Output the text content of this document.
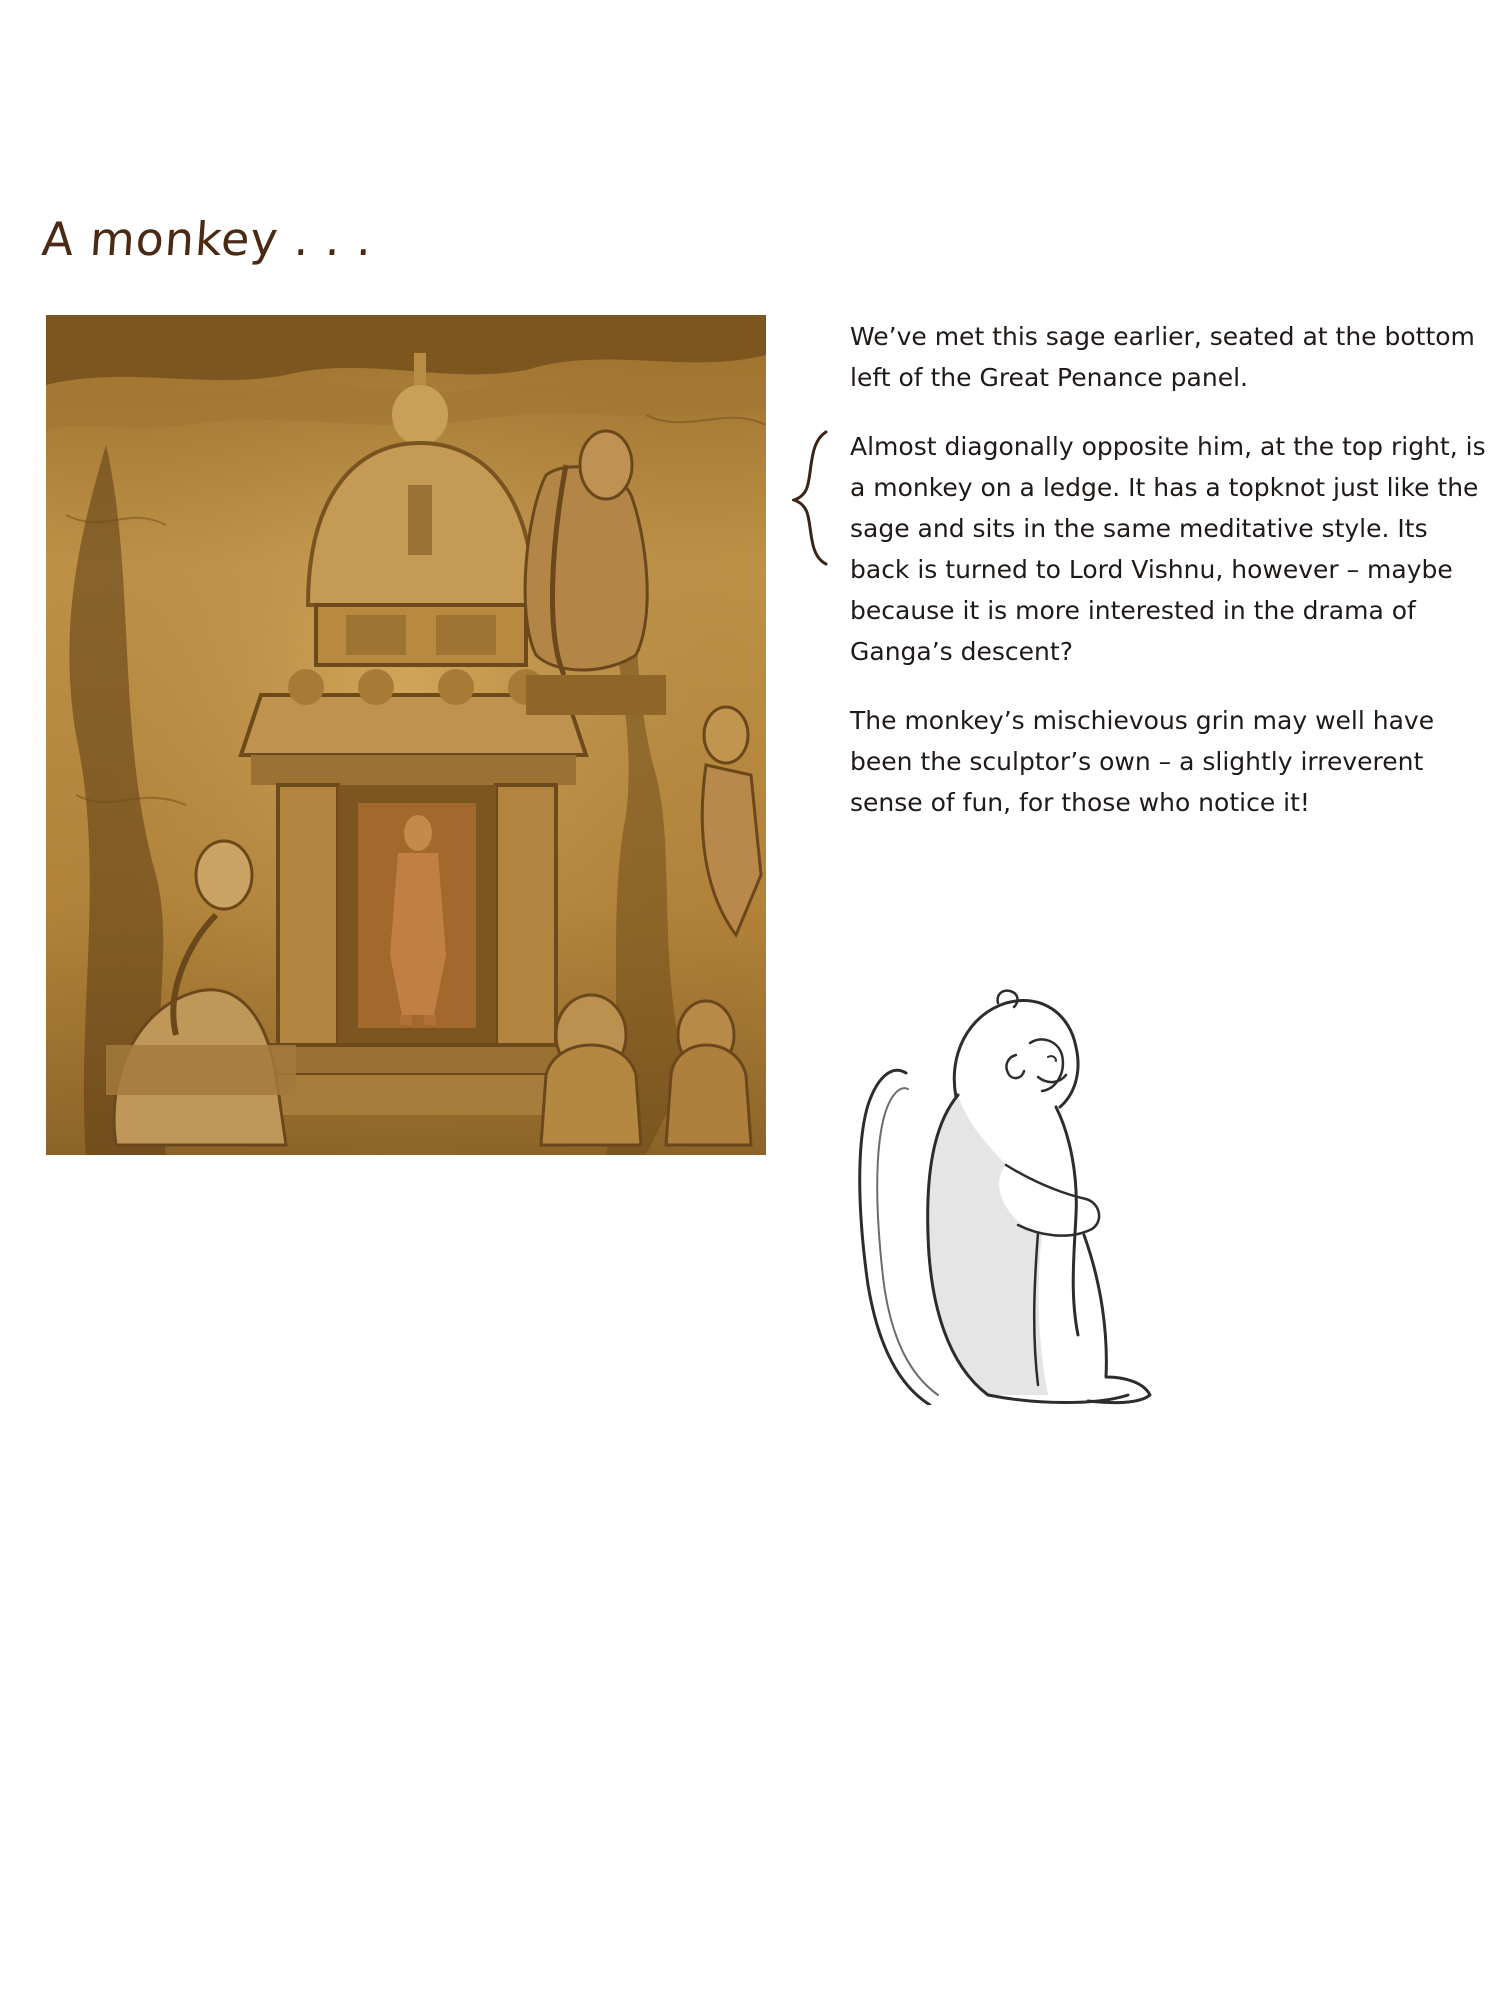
A monkey . . .

We’ve met this sage earlier, seated at the bottom left of the Great Penance panel.

Almost diagonally opposite him, at the top right, is a monkey on a ledge. It has a topknot just like the sage and sits in the same meditative style. Its back is turned to Lord Vishnu, however – maybe because it is more interested in the drama of Ganga’s descent?

The monkey’s mischievous grin may well have been the sculptor’s own – a slightly irreverent sense of fun, for those who notice it!
